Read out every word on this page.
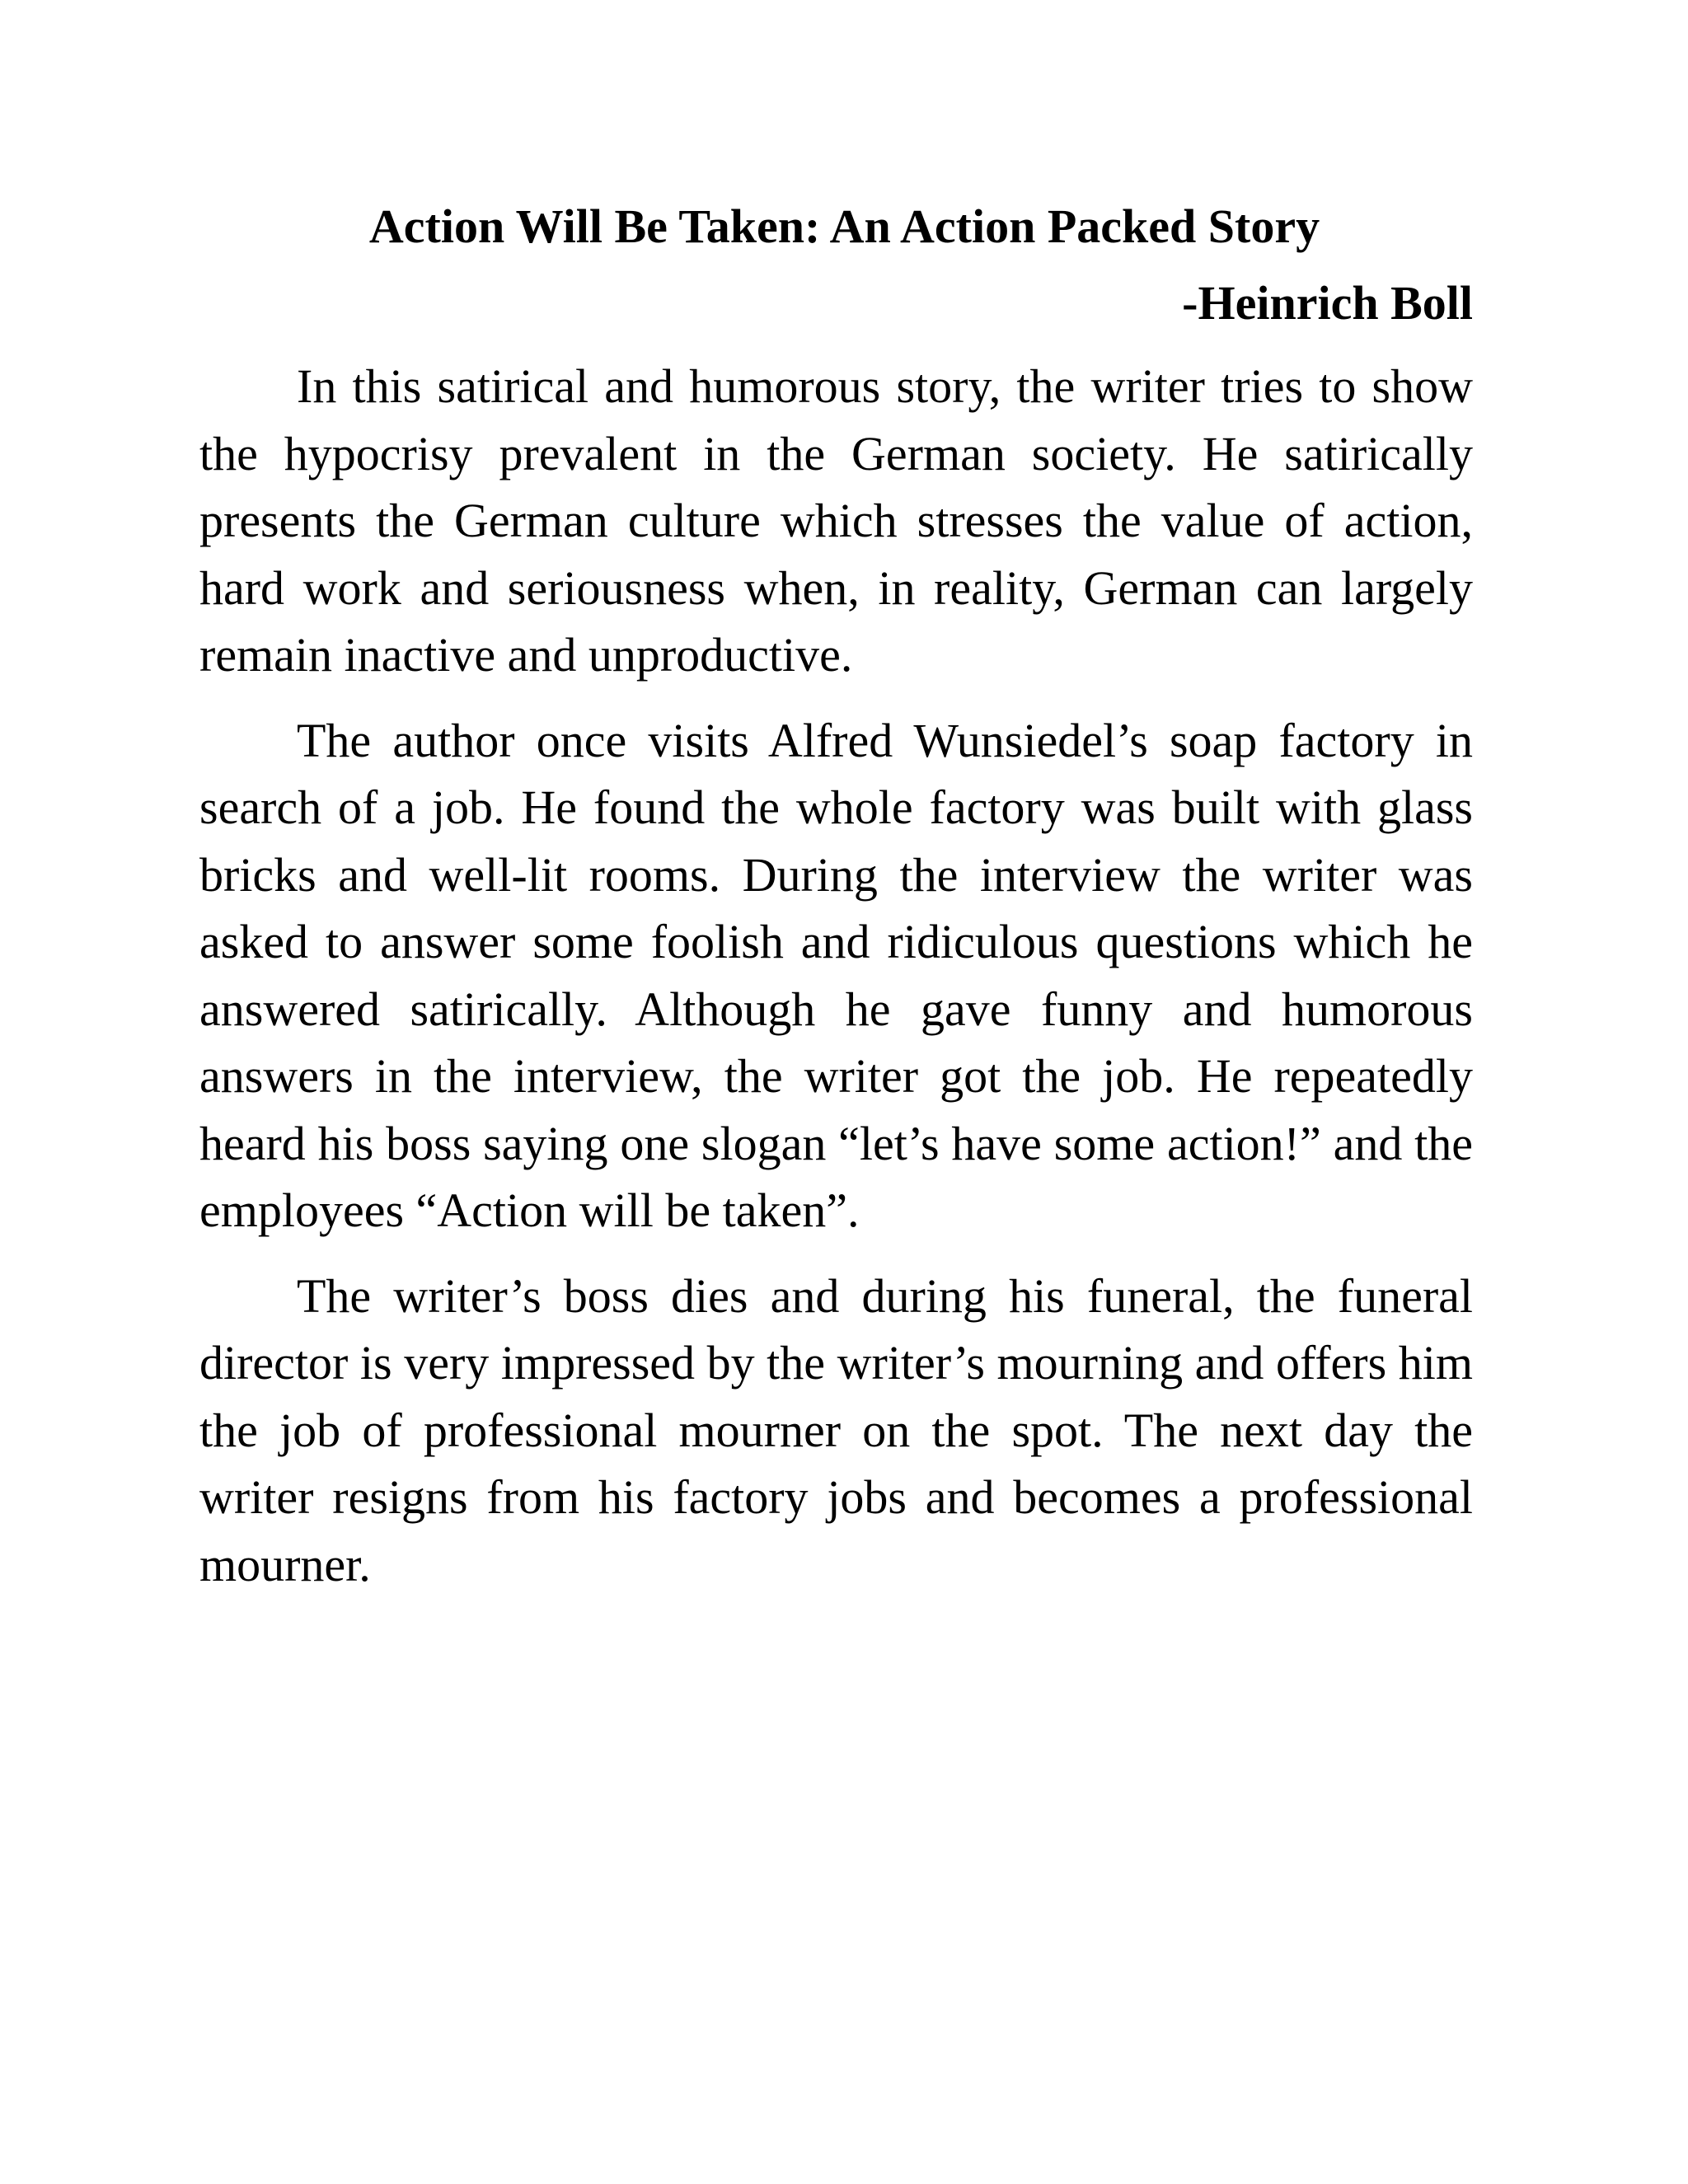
Action Will Be Taken: An Action Packed Story
-Heinrich Boll

In this satirical and humorous story, the writer tries to show the hypocrisy prevalent in the German society. He satirically presents the German culture which stresses the value of action, hard work and seriousness when, in reality, German can largely remain inactive and unproductive.

The author once visits Alfred Wunsiedel’s soap factory in search of a job. He found the whole factory was built with glass bricks and well-lit rooms. During the interview the writer was asked to answer some foolish and ridiculous questions which he answered satirically. Although he gave funny and humorous answers in the interview, the writer got the job. He repeatedly heard his boss saying one slogan “let’s have some action!” and the employees “Action will be taken”.

The writer’s boss dies and during his funeral, the funeral director is very impressed by the writer’s mourning and offers him the job of professional mourner on the spot. The next day the writer resigns from his factory jobs and becomes a professional mourner.
